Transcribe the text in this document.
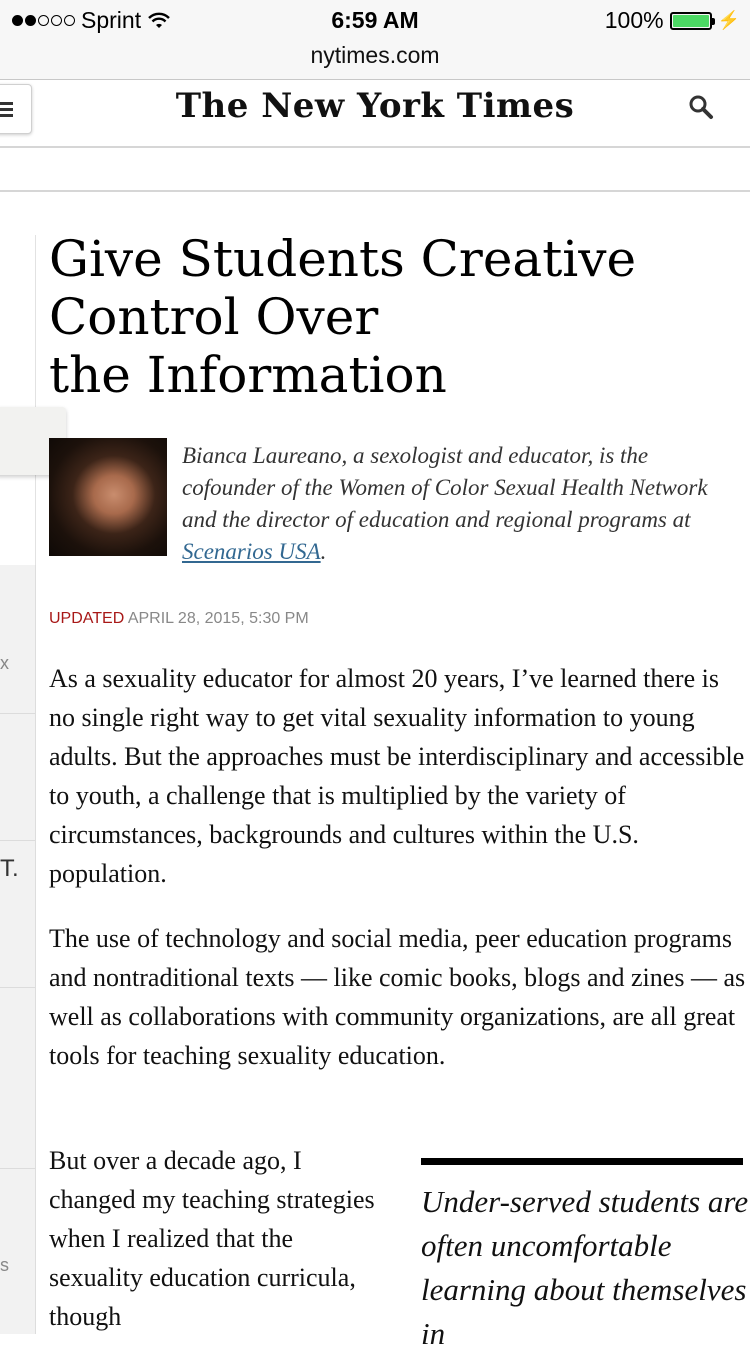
Sprint	6:59 AM	100%	⚡
nytimes.com
The New York Times
x
T.
s
Give Students Creative
Control Over
the Information

Bianca Laureano, a sexologist and educator, is the cofounder of the Women of Color Sexual Health Network and the director of education and regional programs at Scenarios USA.

UPDATED APRIL 28, 2015, 5:30 PM

As a sexuality educator for almost 20 years, I’ve learned there is no single right way to get vital sexuality information to young adults. But the approaches must be interdisciplinary and accessible to youth, a challenge that is multiplied by the variety of circumstances, backgrounds and cultures within the U.S. population.

The use of technology and social media, peer education programs and nontraditional texts — like comic books, blogs and zines — as well as collaborations with community organizations, are all great tools for teaching sexuality education.

But over a decade ago, I changed my teaching strategies when I realized that the sexuality education curricula, though

Under-served students are often uncomfortable learning about themselves in
